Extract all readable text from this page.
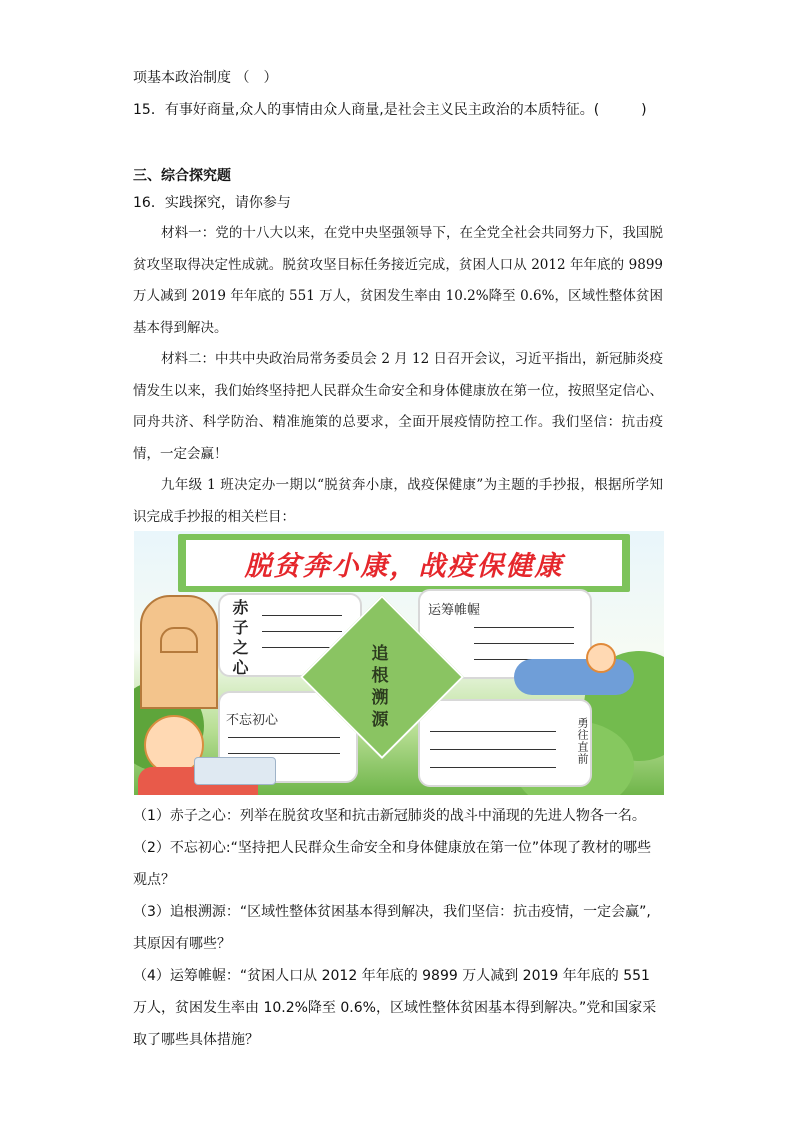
项基本政治制度 （　）
15．有事好商量,众人的事情由众人商量,是社会主义民主政治的本质特征。(　　　)
三、综合探究题
16．实践探究，请你参与

材料一：党的十八大以来，在党中央坚强领导下，在全党全社会共同努力下，我国脱贫攻坚取得决定性成就。脱贫攻坚目标任务接近完成，贫困人口从 2012 年年底的 9899 万人减到 2019 年年底的 551 万人，贫困发生率由 10.2%降至 0.6%，区域性整体贫困基本得到解决。

材料二：中共中央政治局常务委员会 2 月 12 日召开会议，习近平指出，新冠肺炎疫情发生以来，我们始终坚持把人民群众生命安全和身体健康放在第一位，按照坚定信心、同舟共济、科学防治、精准施策的总要求，全面开展疫情防控工作。我们坚信：抗击疫情，一定会赢！

九年级 1 班决定办一期以“脱贫奔小康，战疫保健康”为主题的手抄报，根据所学知识完成手抄报的相关栏目：

脱贫奔小康，战疫保健康
赤子之心	运筹帷幄
不忘初心	勇往直前
追根溯源

（1）赤子之心：列举在脱贫攻坚和抗击新冠肺炎的战斗中涌现的先进人物各一名。

（2）不忘初心:“坚持把人民群众生命安全和身体健康放在第一位”体现了教材的哪些观点？

（3）追根溯源：“区域性整体贫困基本得到解决，我们坚信：抗击疫情，一定会赢”,其原因有哪些？

（4）运筹帷幄：“贫困人口从 2012 年年底的 9899 万人减到 2019 年年底的 551 万人，贫困发生率由 10.2%降至 0.6%，区域性整体贫困基本得到解决。”党和国家采取了哪些具体措施？
